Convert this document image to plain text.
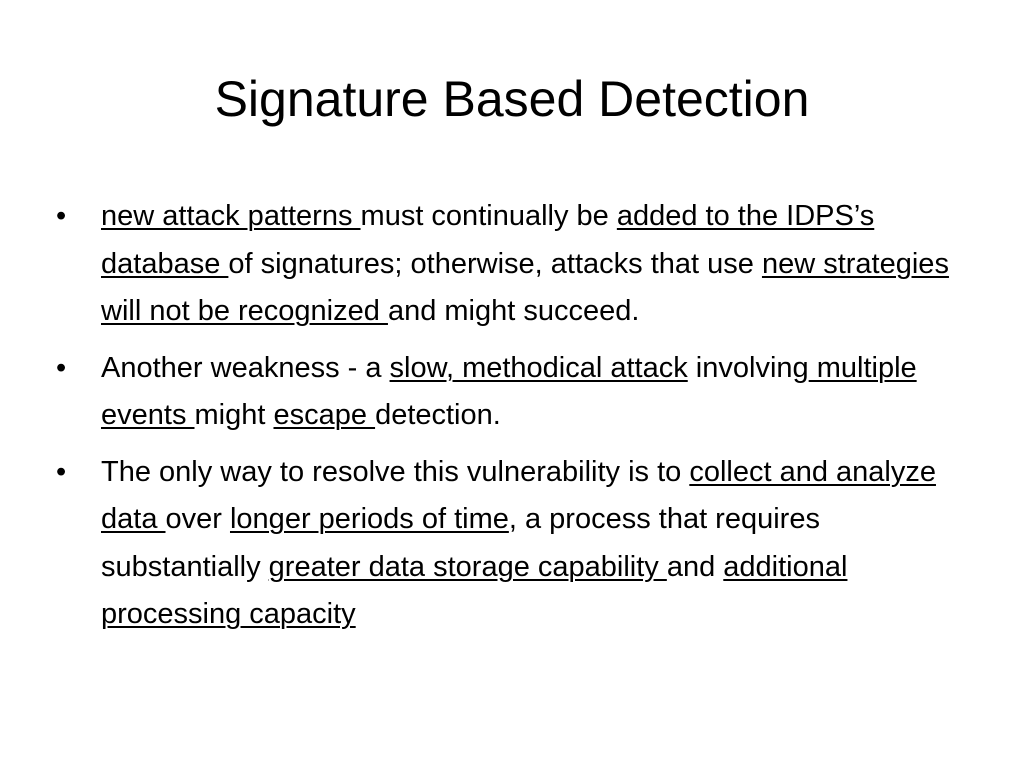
Signature Based Detection
•	new attack patterns must continually be added to the IDPS’s database of signatures; otherwise, attacks that use new strategies will not be recognized and might succeed.
•	Another weakness - a slow, methodical attack involving multiple events might escape detection.
•	The only way to resolve this vulnerability is to collect and analyze data over longer periods of time, a process that requires substantially greater data storage capability and additional processing capacity
